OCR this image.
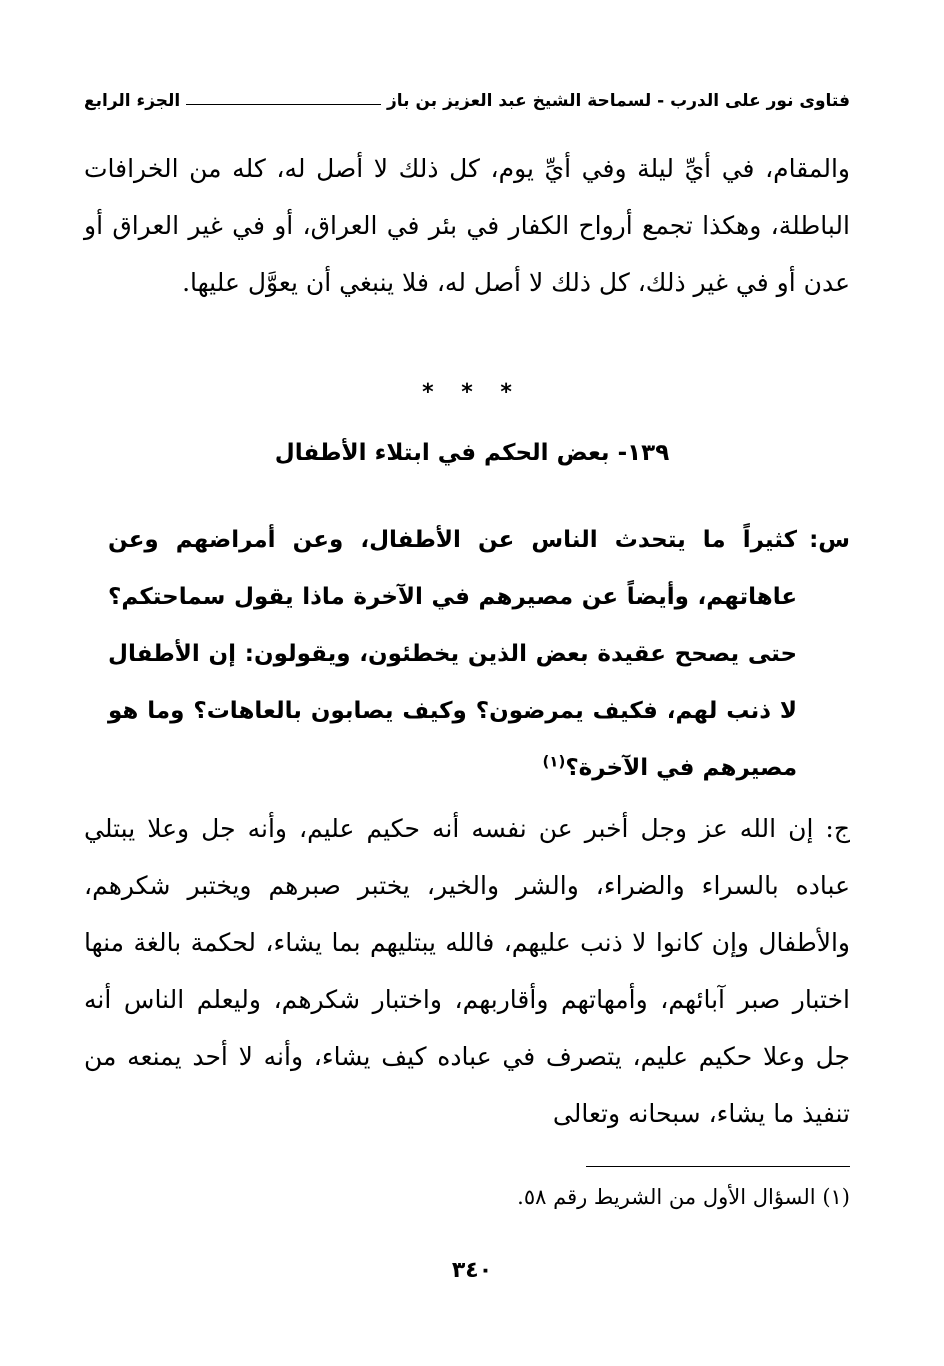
فتاوى نور على الدرب - لسماحة الشيخ عبد العزيز بن باز
الجزء الرابع

والمقام، في أيِّ ليلة وفي أيِّ يوم، كل ذلك لا أصل له، كله من الخرافات الباطلة، وهكذا تجمع أرواح الكفار في بئر في العراق، أو في غير العراق أو عدن أو في غير ذلك، كل ذلك لا أصل له، فلا ينبغي أن يعوَّل عليها.

* * *
١٣٩- بعض الحكم في ابتلاء الأطفال
س:
كثيراً ما يتحدث الناس عن الأطفال، وعن أمراضهم وعن عاهاتهم، وأيضاً عن مصيرهم في الآخرة ماذا يقول سماحتكم؟ حتى يصحح عقيدة بعض الذين يخطئون، ويقولون: إن الأطفال لا ذنب لهم، فكيف يمرضون؟ وكيف يصابون بالعاهات؟ وما هو مصيرهم في الآخرة؟$^{(١)}$

ج: إن الله عز وجل أخبر عن نفسه أنه حكيم عليم، وأنه جل وعلا يبتلي عباده بالسراء والضراء، والشر والخير، يختبر صبرهم ويختبر شكرهم، والأطفال وإن كانوا لا ذنب عليهم، فالله يبتليهم بما يشاء، لحكمة بالغة منها اختبار صبر آبائهم، وأمهاتهم وأقاربهم، واختبار شكرهم، وليعلم الناس أنه جل وعلا حكيم عليم، يتصرف في عباده كيف يشاء، وأنه لا أحد يمنعه من تنفيذ ما يشاء، سبحانه وتعالى

(١) السؤال الأول من الشريط رقم ٥٨.
٣٤٠
